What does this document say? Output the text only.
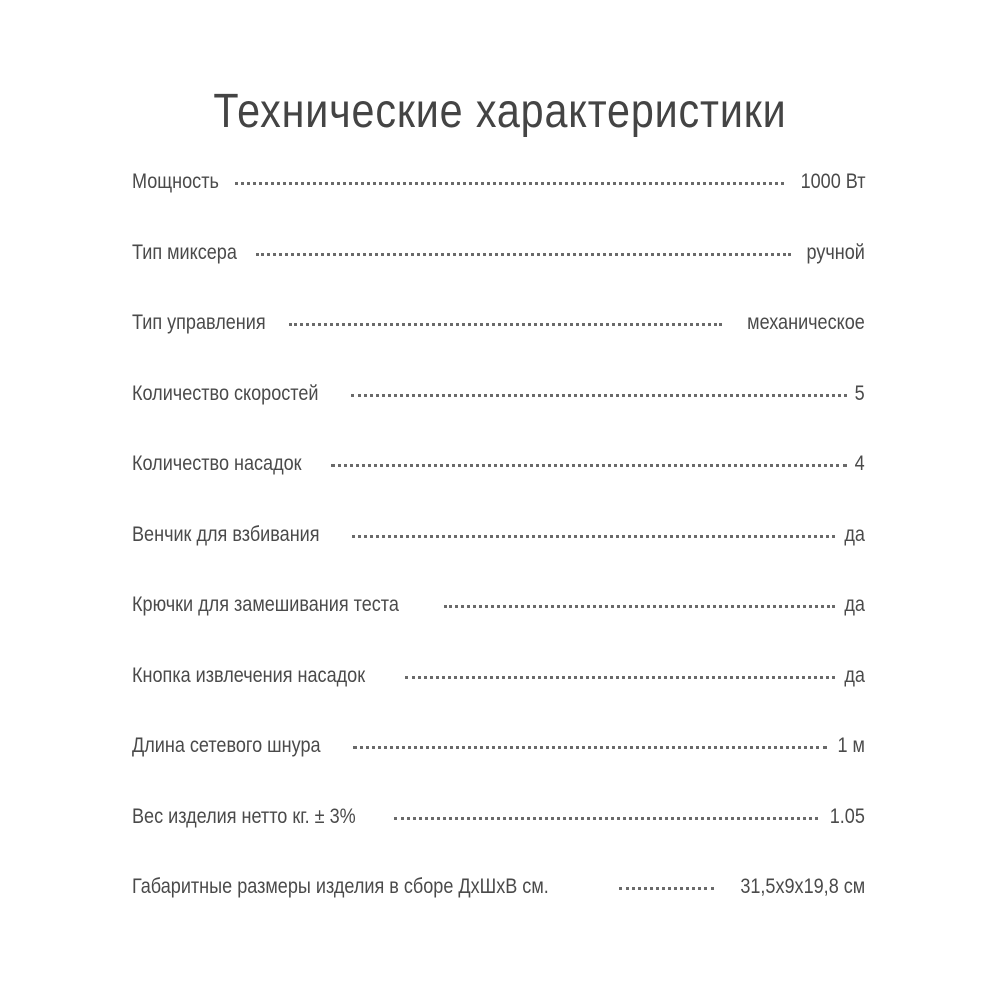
Технические характеристики
Мощность	1000 Вт
Тип миксера	ручной
Тип управления	механическое
Количество скоростей	5
Количество насадок	4
Венчик для взбивания	да
Крючки для замешивания теста	да
Кнопка извлечения насадок	да
Длина сетевого шнура	1 м
Вес изделия нетто кг. ± 3%	1.05
Габаритные размеры изделия в сборе ДхШхВ см.	31,5х9х19,8 см
